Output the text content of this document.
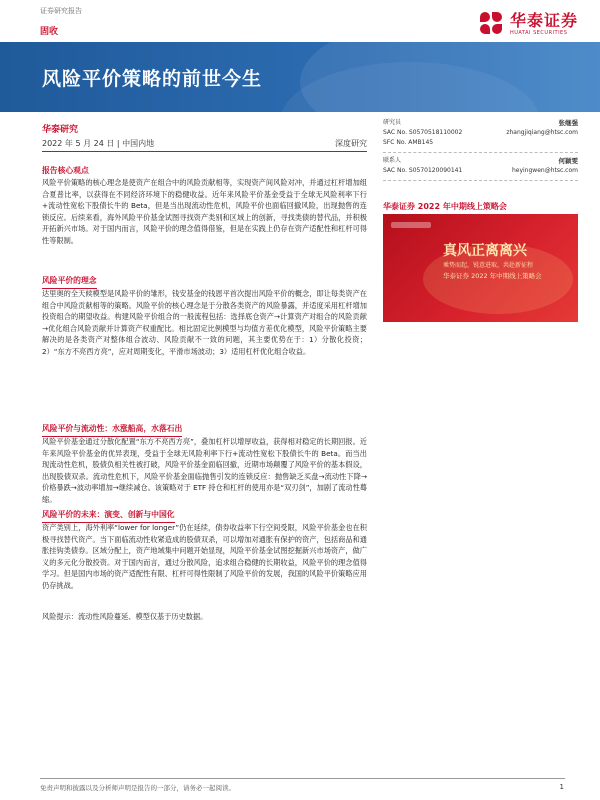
证券研究报告	华泰证券
HUATAI SECURITIES
固收
风险平价策略的前世今生
华泰研究
2022 年 5 月 24 日 | 中国内地	深度研究
报告核心观点
风险平价策略的核心理念是使资产在组合中的风险贡献相等，实现资产间风险对冲，并通过杠杆增加组合夏普比率，以获得在不同经济环境下的稳健收益。近年来风险平价基金受益于全球无风险利率下行+流动性宽松下股债长牛的 Beta，但是当出现流动性危机，风险平价也面临回撤风险，出现抛售的连锁反应。后续来看，海外风险平价基金试图寻找资产类别和区域上的创新，寻找类债的替代品，并积极开拓新兴市场。对于国内而言，风险平价的理念值得借鉴，但是在实践上仍存在资产适配性和杠杆可得性等限制。
风险平价的理念
达里奥的全天候模型是风险平价的雏形，钱安基金的钱恩平首次提出风险平价的概念，即让每类资产在组合中风险贡献相等的策略。风险平价的核心理念是于分散各类资产的风险暴露，并适度采用杠杆增加投资组合的期望收益。构建风险平价组合的一般流程包括：选择底仓资产→计算资产对组合的风险贡献→优化组合风险贡献并计算资产权重配比。相比固定比例模型与均值方差优化模型，风险平价策略主要解决的是各类资产对整体组合波动、风险贡献不一致的问题，其主要优势在于：1）分散化投资；2）“东方不亮西方亮”，应对周期变化，平滑市场波动；3）适用杠杆优化组合收益。
风险平价与流动性：水涨船高，水落石出
风险平价基金通过分散化配置“东方不亮西方亮”，叠加杠杆以增厚收益，获得相对稳定的长期回报。近年来风险平价基金的优异表现，受益于全球无风险利率下行+流动性宽松下股债长牛的 Beta。而当出现流动性危机，股债负相关性被打破，风险平价基金面临回撤，近期市场颠覆了风险平价的基本假设，出现股债双杀。流动性危机下，风险平价基金面临抛售引发的连锁反应：抛售缺乏买盘→流动性下降→价格暴跌→波动率增加→继续减仓。该策略对于 ETF 持仓和杠杆的使用亦是“双刃剑”，加剧了流动性蓦缩。
风险平价的未来：演变、创新与中国化
资产类别上，海外利率“lower for longer”仍在延续，债券收益率下行空间受限，风险平价基金也在积极寻找替代资产。当下面临流动性收紧造成的股债双杀，可以增加对通胀有保护的资产，包括商品和通胀挂钩类债券。区域分配上，资产地域集中问题开始显现，风险平价基金试图挖掘新兴市场资产，做广义的多元化分散投资。对于国内而言，通过分散风险，追求组合稳健的长期收益，风险平价的理念值得学习。但是国内市场的资产适配性有限、杠杆可得性限制了风险平价的发展，我国的风险平价策略应用仍存挑战。
风险提示：流动性风险蔓延、模型仅基于历史数据。
研究员	张继强
SAC No. S0570518110002	zhangjiqiang@htsc.com
SFC No. AMB145
联系人	何颖雯
SAC No. S0570120090141	heyingwen@htsc.com
华泰证券 2022 年中期线上策略会
真风正离离兴
乘势而起，锐意进取，共赴新征程
华泰证券 2022 年中期线上策略会
免责声明和披露以及分析师声明是报告的一部分，请务必一起阅读。	1
